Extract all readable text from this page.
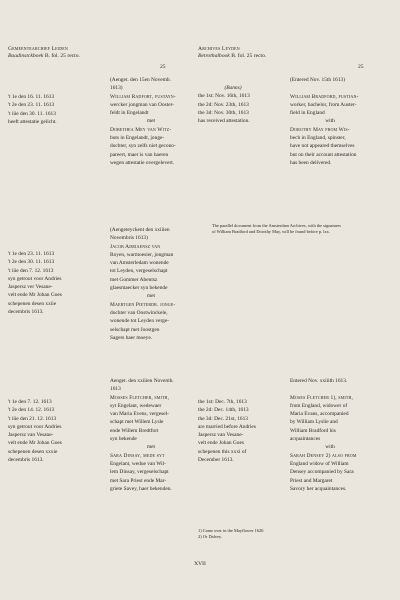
Gemeentearchief Leiden
Baadinstckboek B. fol. 25 recto.
25
Archives Leyden
Betrothalbook B. fol. 25 recto.
25
't 1e den 16. 11. 1613
't 2e den 23. 11. 1613
't iiie den 30. 11. 1613
heeft attestatie gelicht.
(Aenget. den 15en Novemb.
1613)
William Radfort, fustayn-
wercker jongman van Ooster-
feldt in Engelandt
met
Dorethea Mey van Witz-
buts in Engelandt, jonge-
dochter, syn zelfs niet gecono-
pareert, maer is van haeren
wegen attestatie overgelevert.
(Banns)
the 1st: Nov. 16th, 1613
the 2d: Nov. 23th, 1613
the 3d: Nov. 30th, 1613
has received attestation.
(Entered Nov. 15th 1613)

William Bradford, fustian-
worker, bachelor, from Auster-
field in England
with
Dorothy May from Wis-
bech in England, spinster,
have not appeared themselves
but on their account attestation
has been delivered.
The parallel document from the Amsterdam Archives, with the signatures
of William Bradford and Dorothy May, will be found before p. lxx.
't 1e den 23. 11. 1613
't 2e den 30. 11. 1613
't iiie den 7. 12. 1613
syn getrout voor Andries
Jaspersz ver Vesane-
velt ende Mr Johan Goes
schepenen desen xxiie
decembris 1613.
(Aengeteyckent den xxiiien
Novembris 1613)
Jacob Adriaensz van
Royen, warmoesier, jongman
van Amsterledam wonende
tot Leyden, vergeselschapt
met Gommer Abentsz
glaesmaecker syn bekende
met
Maertgen Pieterdr. jonge-
dochter van Oostwinckele,
wonende tot Leyden verge-
selschapt met Joostgen
Sagers haer moeye.
't 1e den 7. 12. 1613
't 2e den 14. 12. 1613
't iiie den 21. 12. 1613
syn getrout voor Andries
Jaspersz van Vesane-
velt ende Mr Johan Goes
schepenen desen xxxie
decembris 1613.
Aenget. den xxiiien Novemb.
1613
Mosses Fletcher, smith,
syt Engelant, wedewaer
van Maria Evens, vergesel-
schapt met Willem Lysle
ende Willem Bredtfort
syn bekende
met
Sara Dinsay, mede syt
Engelant, wedue van Wil-
lem Dinsay, vergeselschapt
met Sara Priest ende Mar-
griete Savey, haer bekenden.
the 1st: Dec. 7th, 1613
the 2d: Dec. 14th, 1613
the 3d: Dec. 21st, 1613
are married before Andries
Jaspersz van Vesane-
velt ende Johan Goes
schepenen this xxxi of
December 1613.
Entered Nov. xxiiith 1613.

Moses Fletcher 1), smith,
from England, widower of
Maria Evans, accompanied
by William Lyslie and
William Bradford his
acquaintances
with
Sarah Densey 2) also from
England widow of William
Densey accompanied by Sara
Priest and Margaret
Savory her acquaintances.
1) Came over in the Mayflower 1620.
2) Or Dalvey.
XVII
